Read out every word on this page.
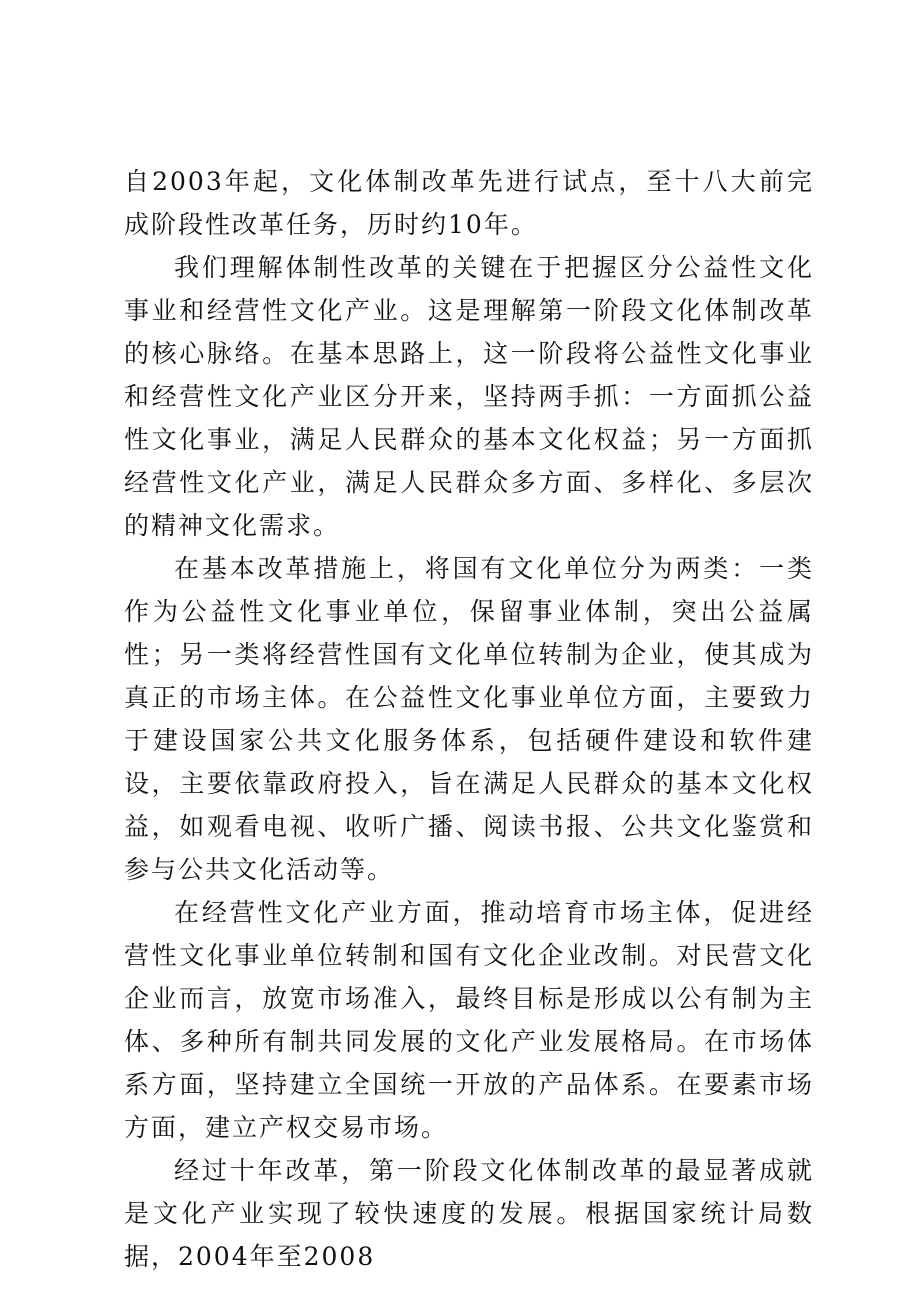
自2003年起，文化体制改革先进行试点，至十八大前完成阶段性改革任务，历时约10年。

我们理解体制性改革的关键在于把握区分公益性文化事业和经营性文化产业。这是理解第一阶段文化体制改革的核心脉络。在基本思路上，这一阶段将公益性文化事业和经营性文化产业区分开来，坚持两手抓：一方面抓公益性文化事业，满足人民群众的基本文化权益；另一方面抓经营性文化产业，满足人民群众多方面、多样化、多层次的精神文化需求。

在基本改革措施上，将国有文化单位分为两类：一类作为公益性文化事业单位，保留事业体制，突出公益属性；另一类将经营性国有文化单位转制为企业，使其成为真正的市场主体。在公益性文化事业单位方面，主要致力于建设国家公共文化服务体系，包括硬件建设和软件建设，主要依靠政府投入，旨在满足人民群众的基本文化权益，如观看电视、收听广播、阅读书报、公共文化鉴赏和参与公共文化活动等。

在经营性文化产业方面，推动培育市场主体，促进经营性文化事业单位转制和国有文化企业改制。对民营文化企业而言，放宽市场准入，最终目标是形成以公有制为主体、多种所有制共同发展的文化产业发展格局。在市场体系方面，坚持建立全国统一开放的产品体系。在要素市场方面，建立产权交易市场。

经过十年改革，第一阶段文化体制改革的最显著成就是文化产业实现了较快速度的发展。根据国家统计局数据，2004年至2008
